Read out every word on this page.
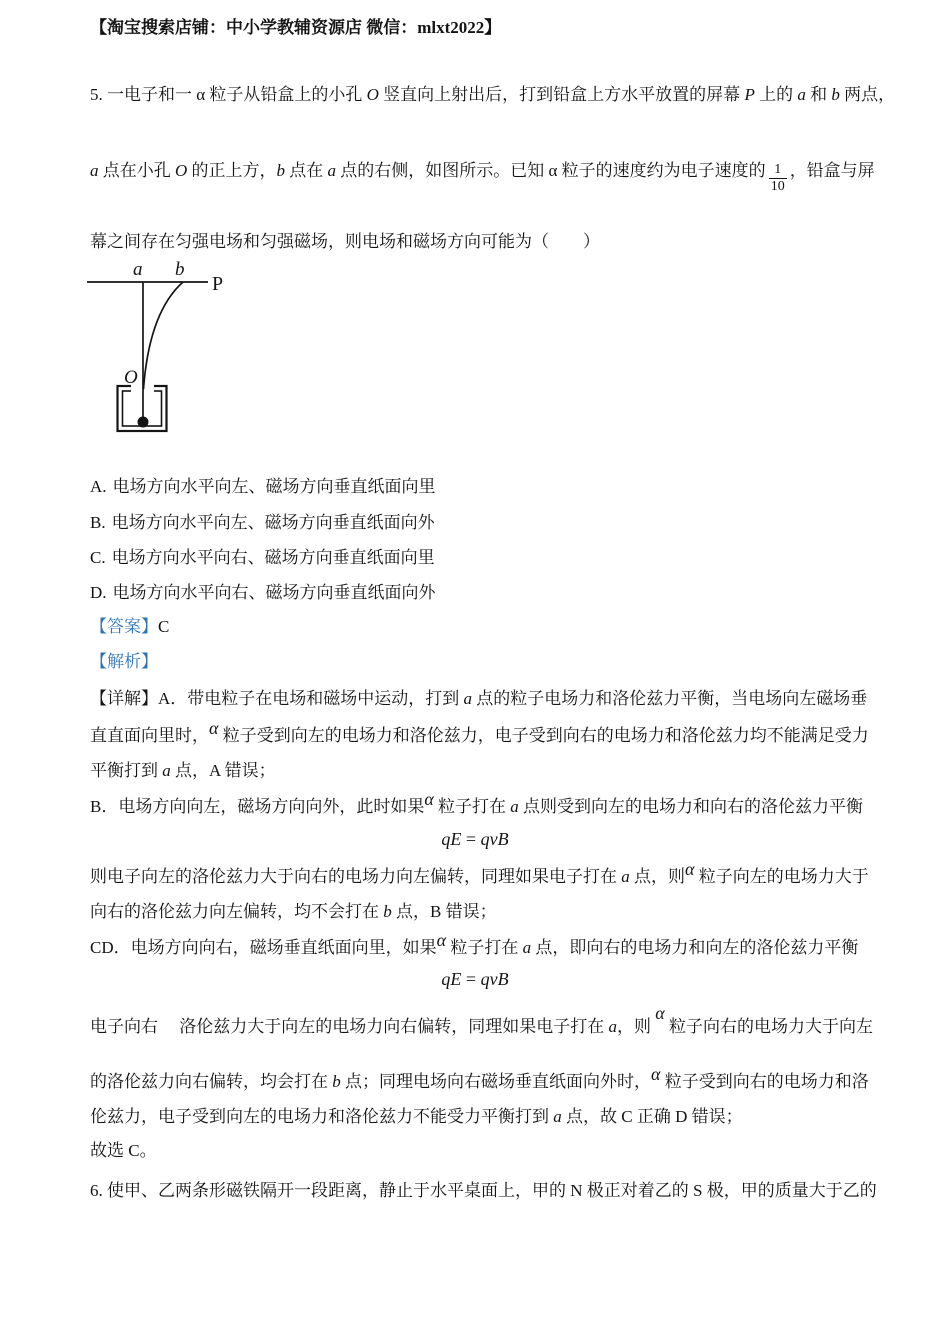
【淘宝搜索店铺：中小学教辅资源店 微信：mlxt2022】
5. 一电子和一 α 粒子从铅盒上的小孔 O 竖直向上射出后，打到铅盒上方水平放置的屏幕 P 上的 a 和 b 两点，
a 点在小孔 O 的正上方，b 点在 a 点的右侧，如图所示。已知 α 粒子的速度约为电子速度的 $\frac{1}{10}$ ，铅盒与屏
幕之间存在匀强电场和匀强磁场，则电场和磁场方向可能为（　　）
a b
P
O
A. 电场方向水平向左、磁场方向垂直纸面向里
B. 电场方向水平向左、磁场方向垂直纸面向外
C. 电场方向水平向右、磁场方向垂直纸面向里
D. 电场方向水平向右、磁场方向垂直纸面向外
【答案】C
【解析】
【详解】A．带电粒子在电场和磁场中运动，打到 a 点的粒子电场力和洛伦兹力平衡，当电场向左磁场垂
直直面向里时，α 粒子受到向左的电场力和洛伦兹力，电子受到向右的电场力和洛伦兹力均不能满足受力
平衡打到 a 点，A 错误；
B．电场方向向左，磁场方向向外，此时如果α 粒子打在 a 点则受到向左的电场力和向右的洛伦兹力平衡
qE = qvB
则电子向左的洛伦兹力大于向右的电场力向左偏转，同理如果电子打在 a 点，则α 粒子向左的电场力大于
向右的洛伦兹力向左偏转，均不会打在 b 点，B 错误；
CD．电场方向向右，磁场垂直纸面向里，如果α 粒子打在 a 点，即向右的电场力和向左的洛伦兹力平衡
qE = qvB
电子向右　 洛伦兹力大于向左的电场力向右偏转，同理如果电子打在 a，则 α 粒子向右的电场力大于向左
的洛伦兹力向右偏转，均会打在 b 点；同理电场向右磁场垂直纸面向外时，α 粒子受到向右的电场力和洛
伦兹力，电子受到向左的电场力和洛伦兹力不能受力平衡打到 a 点，故 C 正确 D 错误；
故选 C。
6. 使甲、乙两条形磁铁隔开一段距离，静止于水平桌面上，甲的 N 极正对着乙的 S 极，甲的质量大于乙的
